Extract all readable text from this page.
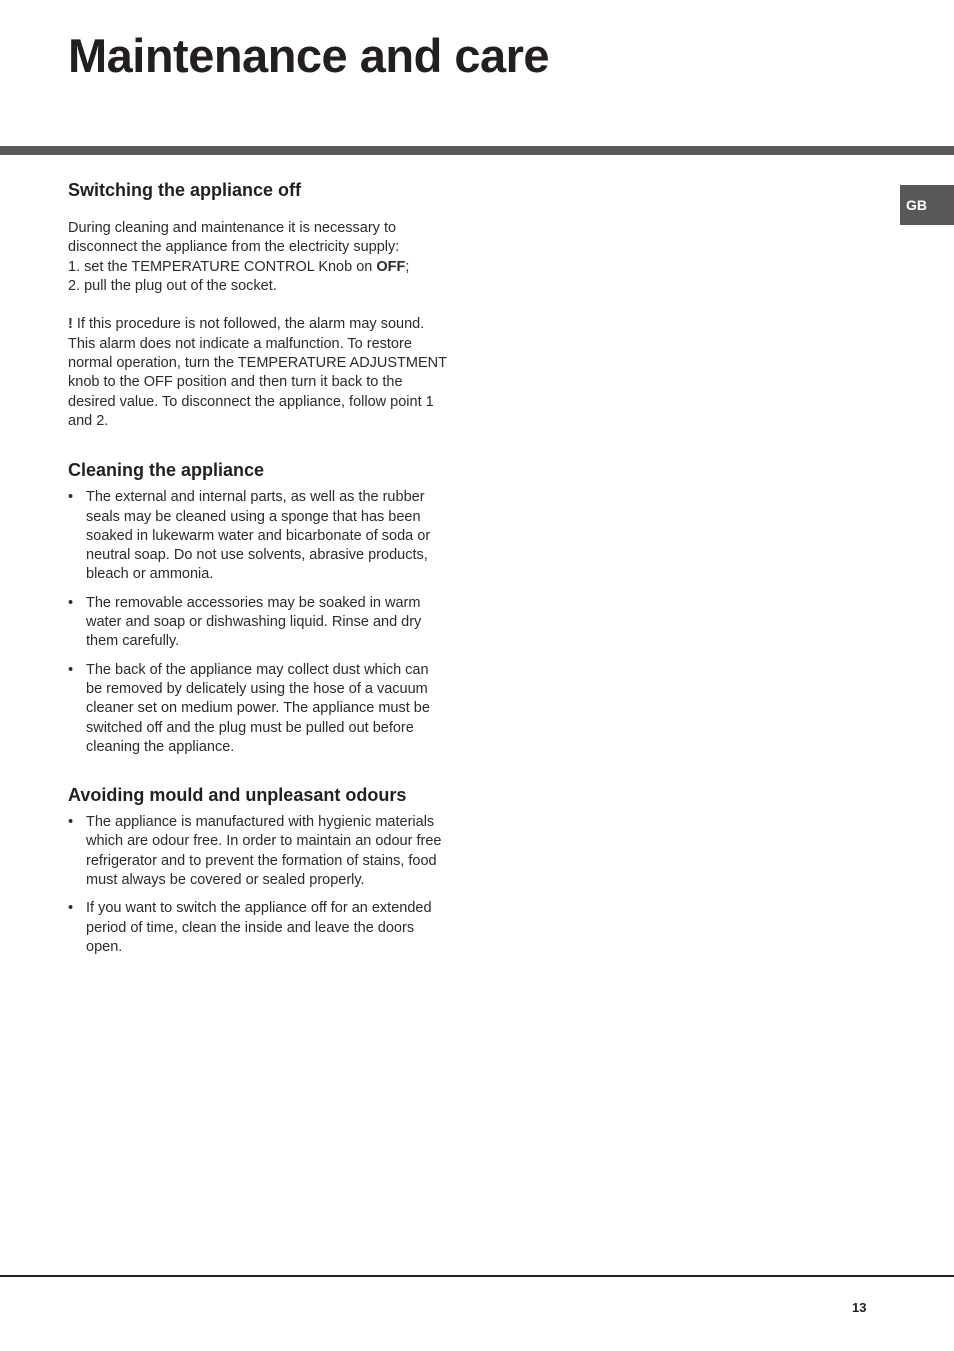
Maintenance and care
GB
Switching the appliance off

During cleaning and maintenance it is necessary to

disconnect the appliance from the electricity supply:

1. set the TEMPERATURE CONTROL Knob on OFF;

2. pull the plug out of the socket.

! If this procedure is not followed, the alarm may sound. This alarm does not indicate a malfunction. To restore normal operation, turn the TEMPERATURE ADJUSTMENT knob to the OFF position and then turn it back to the desired value. To disconnect the appliance, follow point 1 and 2.

Cleaning the appliance
• The external and internal parts, as well as the rubber seals may be cleaned using a sponge that has been soaked in lukewarm water and bicarbonate of soda or neutral soap. Do not use solvents, abrasive products, bleach or ammonia.
• The removable accessories may be soaked in warm water and soap or dishwashing liquid. Rinse and dry them carefully.
• The back of the appliance may collect dust which can be removed by delicately using the hose of a vacuum cleaner set on medium power. The appliance must be switched off and the plug must be pulled out before cleaning the appliance.
Avoiding mould and unpleasant odours
• The appliance is manufactured with hygienic materials which are odour free. In order to maintain an odour free refrigerator and to prevent the formation of stains, food must always be covered or sealed properly.
• If you want to switch the appliance off for an extended period of time, clean the inside and leave the doors open.
13
